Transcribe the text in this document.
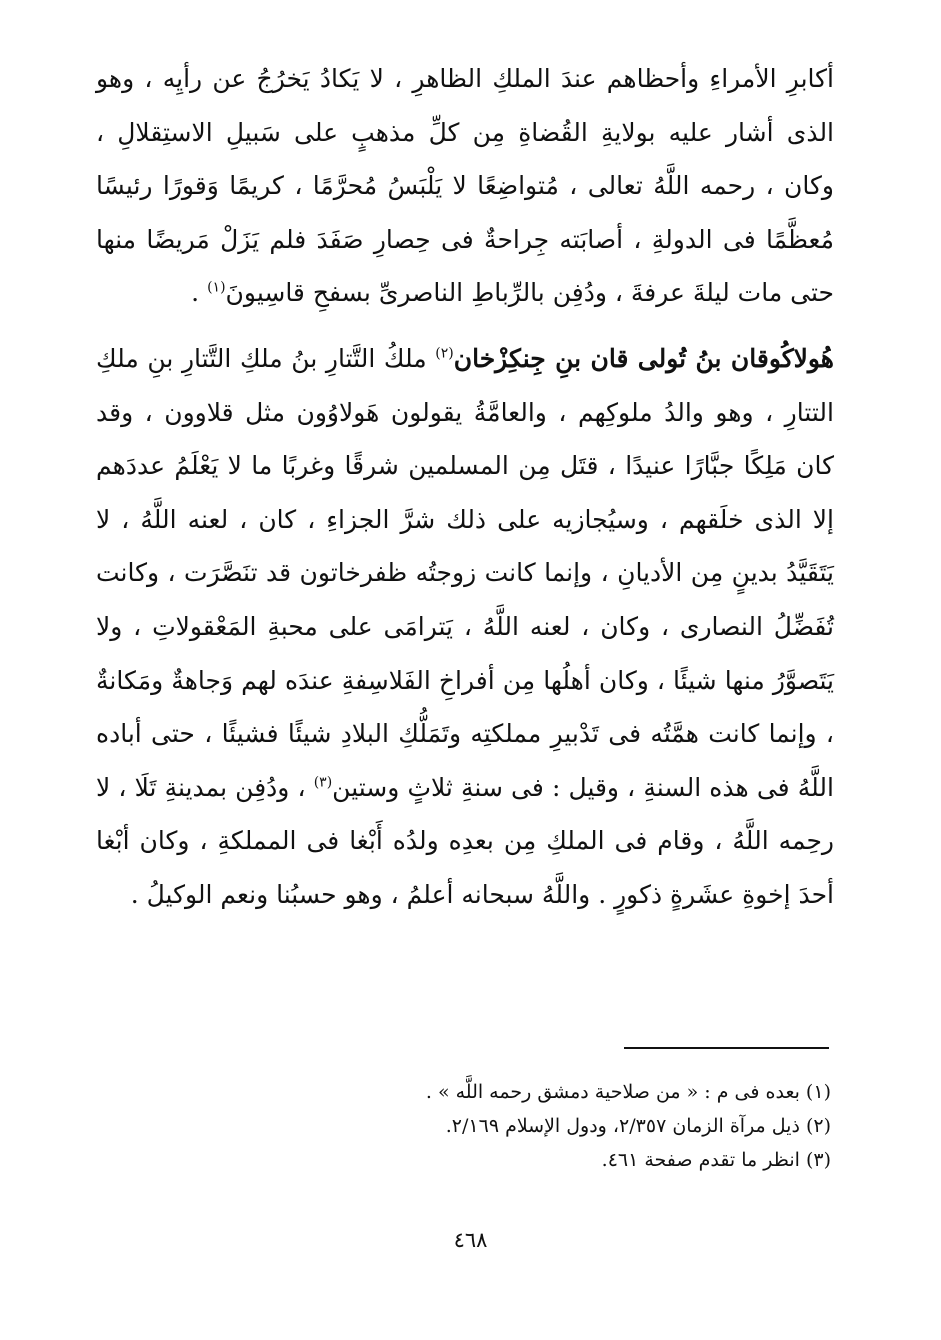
أكابرِ الأمراءِ وأحظاهم عندَ الملكِ الظاهرِ ، لا يَكادُ يَخرُجُ عن رأيِه ، وهو الذى أشار عليه بولايةِ القُضاةِ مِن كلِّ مذهبٍ على سَبيلِ الاستِقلالِ ، وكان ، رحمه اللَّهُ تعالى ، مُتواضِعًا لا يَلْبَسُ مُحرَّمًا ، كريمًا وَقورًا رئيسًا مُعظَّمًا فى الدولةِ ، أصابَته جِراحةٌ فى حِصارِ صَفَدَ فلم يَزَلْ مَريضًا منها حتى مات ليلةَ عرفةَ ، ودُفِن بالرِّباطِ الناصرىِّ بسفحِ قاسِيونَ$^{(١)}$ .

هُولاكُوقان بنُ تُولى قان بنِ جِنكِزْخان$^{(٢)}$ ملكُ التَّتارِ بنُ ملكِ التَّتارِ بنِ ملكِ التتارِ ، وهو والدُ ملوكِهم ، والعامَّةُ يقولون هَولاوُون مثل قلاوون ، وقد كان مَلِكًا جبَّارًا عنيدًا ، قتَل مِن المسلمين شرقًا وغربًا ما لا يَعْلَمُ عددَهم إلا الذى خلَقهم ، وسيُجازيه على ذلك شرَّ الجزاءِ ، كان ، لعنه اللَّهُ ، لا يَتَقَيَّدُ بدينٍ مِن الأديانِ ، وإنما كانت زوجتُه ظفرخاتون قد تنَصَّرَت ، وكانت تُفَضِّلُ النصارى ، وكان ، لعنه اللَّهُ ، يَترامَى على محبةِ المَعْقولاتِ ، ولا يَتَصوَّرُ منها شيئًا ، وكان أهلُها مِن أفراخِ الفَلاسِفةِ عندَه لهم وَجاهةٌ ومَكانةٌ ، وإنما كانت همَّتُه فى تَدْبيرِ مملكتِه وتَمَلُّكِ البلادِ شيئًا فشيئًا ، حتى أباده اللَّهُ فى هذه السنةِ ، وقيل : فى سنةِ ثلاثٍ وستين$^{(٣)}$ ، ودُفِن بمدينةِ تَلَا ، لا رحِمه اللَّهُ ، وقام فى الملكِ مِن بعدِه ولدُه أَبْغا فى المملكةِ ، وكان أبْغا أحدَ إخوةِ عشَرةٍ ذكورٍ . واللَّهُ سبحانه أعلمُ ، وهو حسبُنا ونعم الوكيلُ .

(١) بعده فى م : « من صلاحية دمشق رحمه اللَّه » .

(٢) ذيل مرآة الزمان ٢/٣٥٧، ودول الإسلام ٢/١٦٩.

(٣) انظر ما تقدم صفحة ٤٦١.

٤٦٨
